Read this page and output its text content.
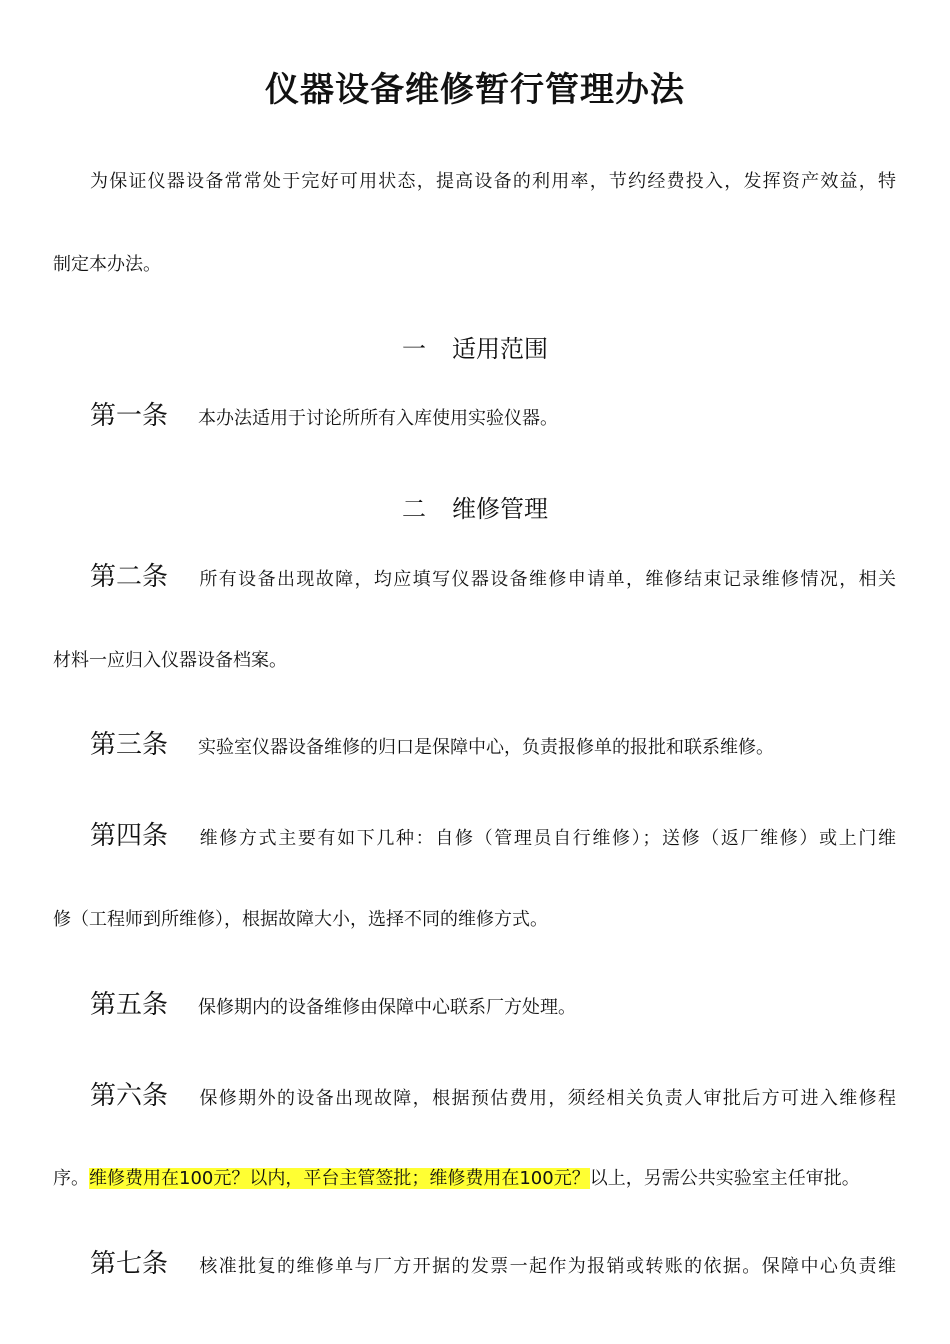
仪器设备维修暂行管理办法
为保证仪器设备常常处于完好可用状态，提高设备的利用率，节约经费投入，发挥资产效益，特
制定本办法。
一 适用范围
第一条 本办法适用于讨论所所有入库使用实验仪器。
二 维修管理
第二条 所有设备出现故障，均应填写仪器设备维修申请单，维修结束记录维修情况，相关
材料一应归入仪器设备档案。
第三条 实验室仪器设备维修的归口是保障中心，负责报修单的报批和联系维修。
第四条 维修方式主要有如下几种：自修（管理员自行维修）；送修（返厂维修）或上门维
修（工程师到所维修），根据故障大小，选择不同的维修方式。
第五条 保修期内的设备维修由保障中心联系厂方处理。
第六条 保修期外的设备出现故障，根据预估费用，须经相关负责人审批后方可进入维修程
序。维修费用在100元？以内，平台主管签批；维修费用在100元？以上，另需公共实验室主任审批。
第七条 核准批复的维修单与厂方开据的发票一起作为报销或转账的依据。保障中心负责维
